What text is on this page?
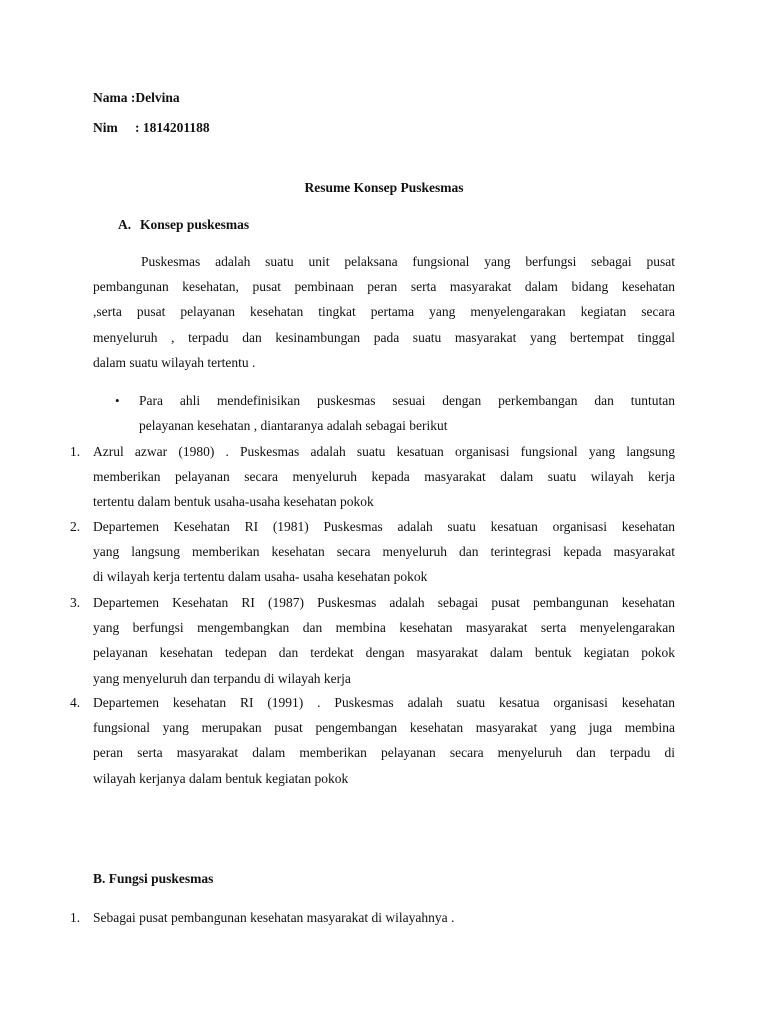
Nama :Delvina
Nim : 1814201188
Resume Konsep Puskesmas
A. Konsep puskesmas
Puskesmas adalah suatu unit pelaksana fungsional yang berfungsi sebagai pusat
pembangunan kesehatan, pusat pembinaan peran serta masyarakat dalam bidang kesehatan
,serta pusat pelayanan kesehatan tingkat pertama yang menyelengarakan kegiatan secara
menyeluruh , terpadu dan kesinambungan pada suatu masyarakat yang bertempat tinggal
dalam suatu wilayah tertentu .
• Para ahli mendefinisikan puskesmas sesuai dengan perkembangan dan tuntutan
pelayanan kesehatan , diantaranya adalah sebagai berikut
1. Azrul azwar (1980) . Puskesmas adalah suatu kesatuan organisasi fungsional yang langsung
memberikan pelayanan secara menyeluruh kepada masyarakat dalam suatu wilayah kerja
tertentu dalam bentuk usaha-usaha kesehatan pokok
2. Departemen Kesehatan RI (1981) Puskesmas adalah suatu kesatuan organisasi kesehatan
yang langsung memberikan kesehatan secara menyeluruh dan terintegrasi kepada masyarakat
di wilayah kerja tertentu dalam usaha- usaha kesehatan pokok
3. Departemen Kesehatan RI (1987) Puskesmas adalah sebagai pusat pembangunan kesehatan
yang berfungsi mengembangkan dan membina kesehatan masyarakat serta menyelengarakan
pelayanan kesehatan tedepan dan terdekat dengan masyarakat dalam bentuk kegiatan pokok
yang menyeluruh dan terpandu di wilayah kerja
4. Departemen kesehatan RI (1991) . Puskesmas adalah suatu kesatua organisasi kesehatan
fungsional yang merupakan pusat pengembangan kesehatan masyarakat yang juga membina
peran serta masyarakat dalam memberikan pelayanan secara menyeluruh dan terpadu di
wilayah kerjanya dalam bentuk kegiatan pokok
B. Fungsi puskesmas
1. Sebagai pusat pembangunan kesehatan masyarakat di wilayahnya .
